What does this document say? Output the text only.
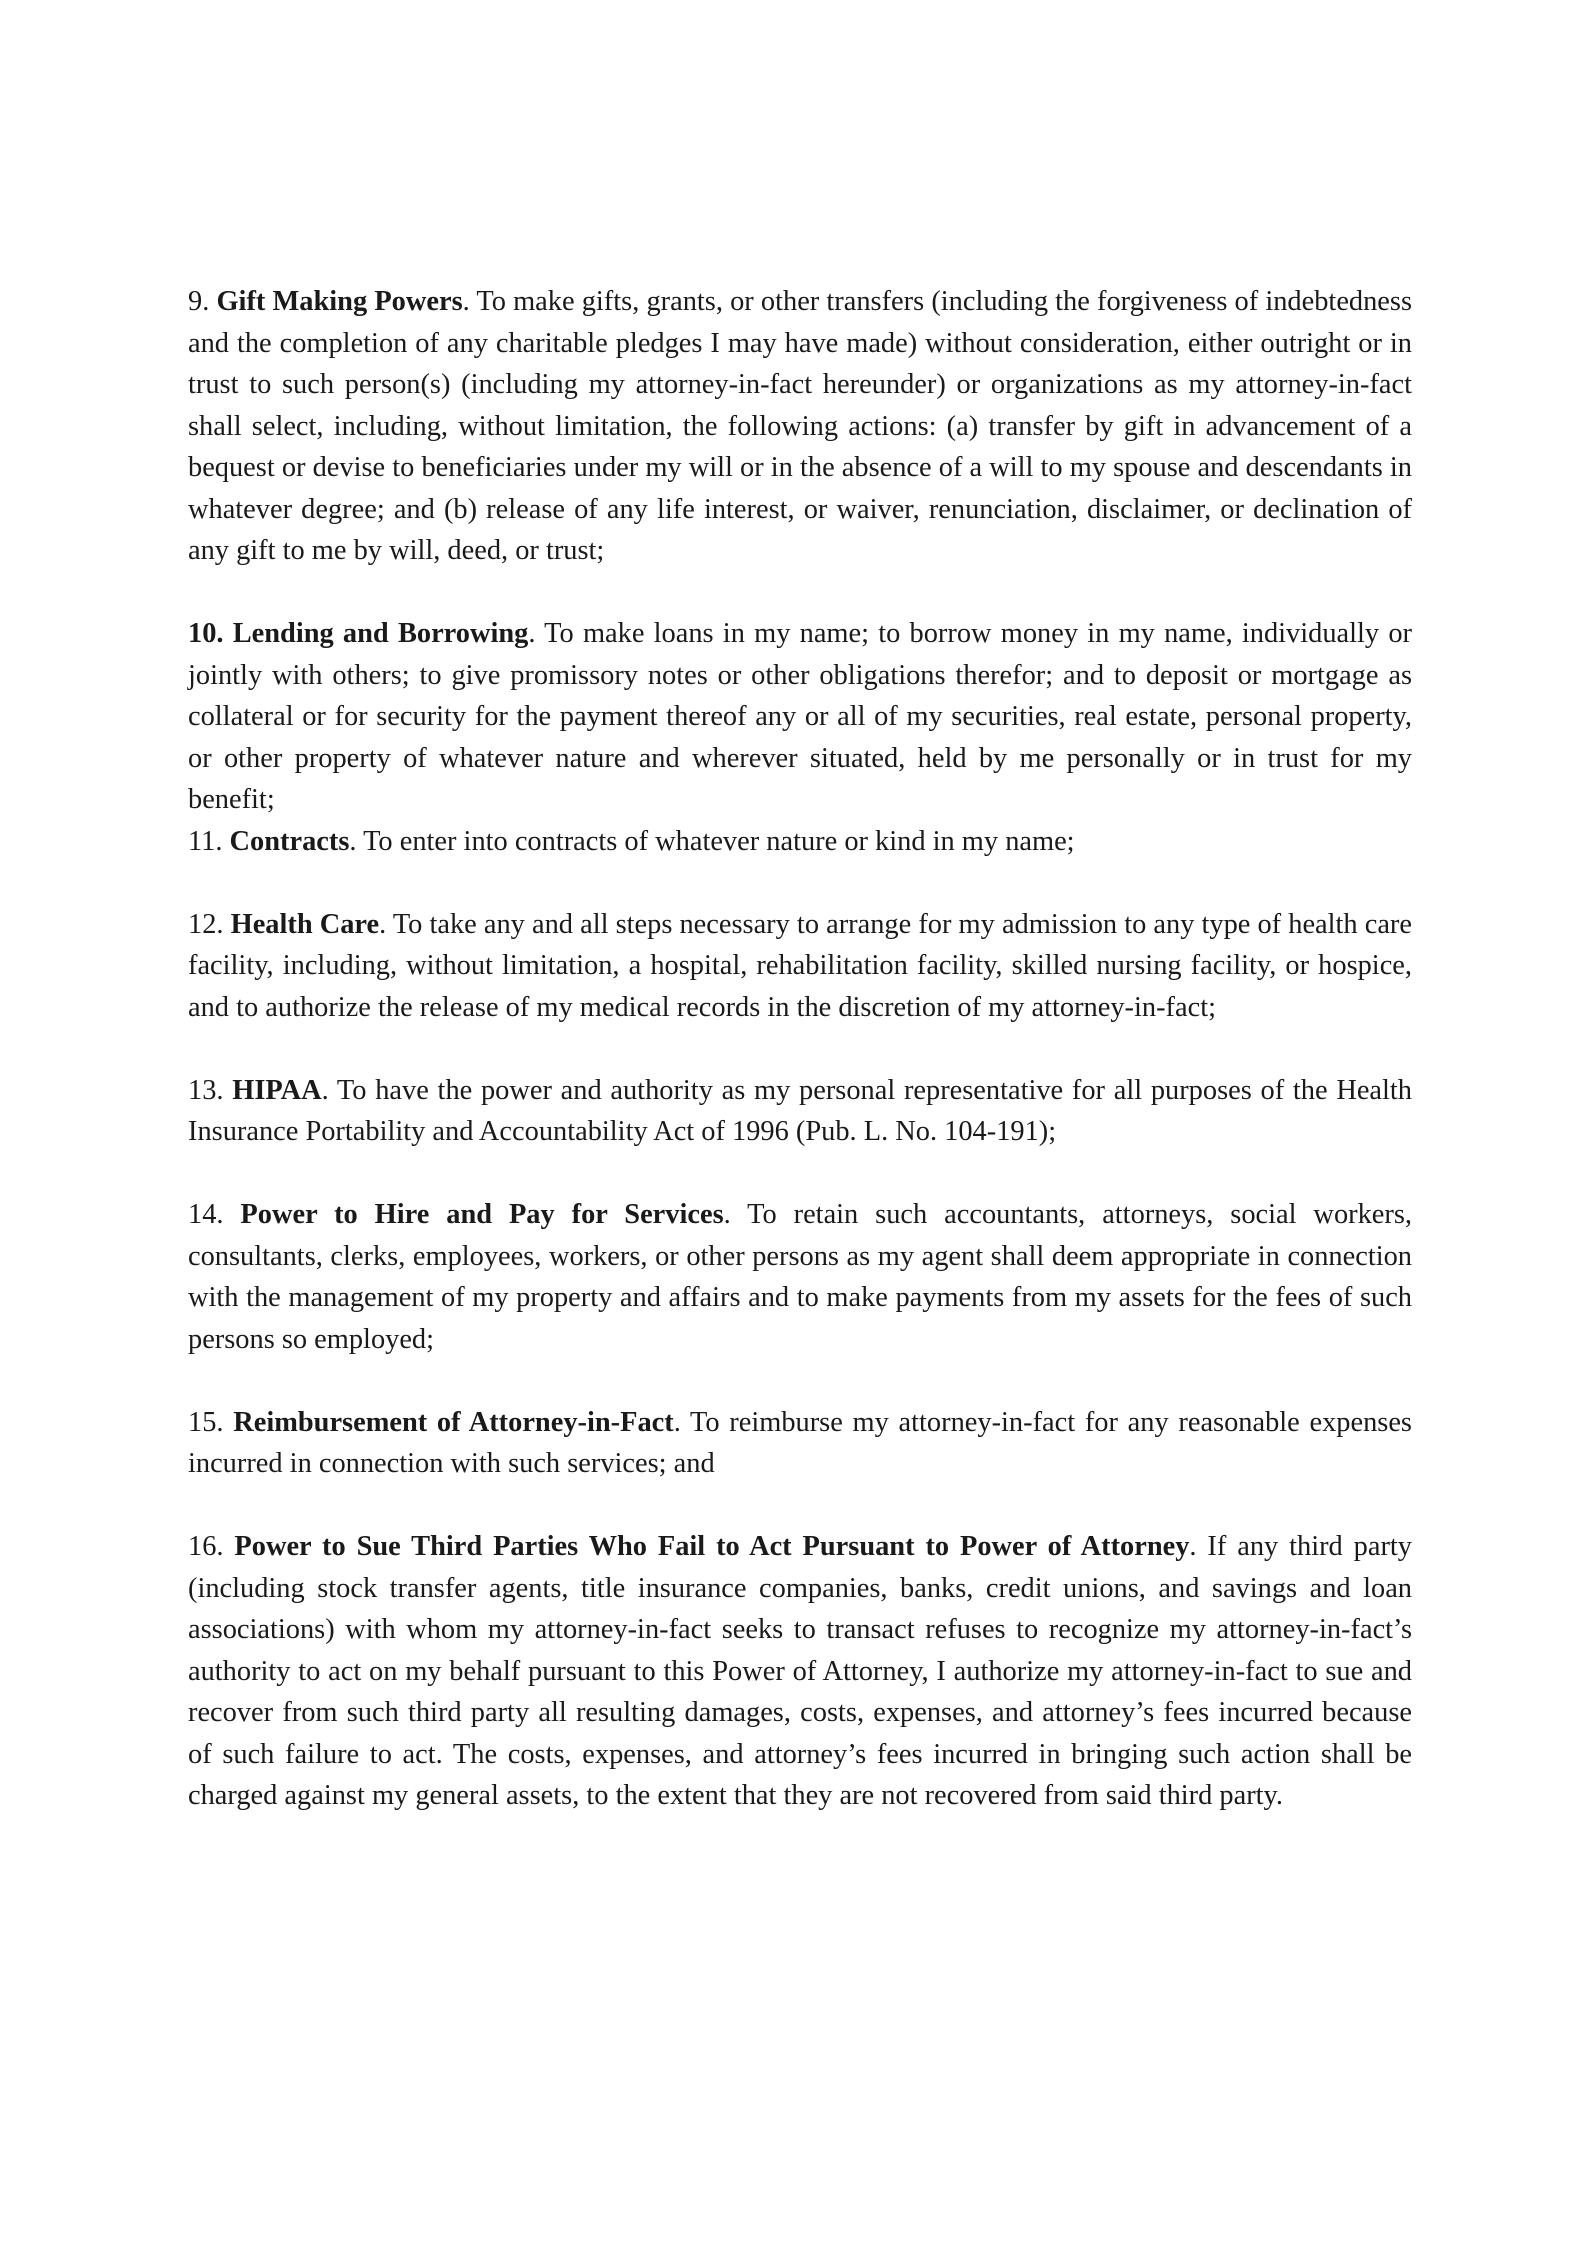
9. Gift Making Powers. To make gifts, grants, or other transfers (including the forgiveness of indebtedness and the completion of any charitable pledges I may have made) without consideration, either outright or in trust to such person(s) (including my attorney-in-fact hereunder) or organizations as my attorney-in-fact shall select, including, without limitation, the following actions: (a) transfer by gift in advancement of a bequest or devise to beneficiaries under my will or in the absence of a will to my spouse and descendants in whatever degree; and (b) release of any life interest, or waiver, renunciation, disclaimer, or declination of any gift to me by will, deed, or trust;

10. Lending and Borrowing. To make loans in my name; to borrow money in my name, individually or jointly with others; to give promissory notes or other obligations therefor; and to deposit or mortgage as collateral or for security for the payment thereof any or all of my securities, real estate, personal property, or other property of whatever nature and wherever situated, held by me personally or in trust for my benefit;

11. Contracts. To enter into contracts of whatever nature or kind in my name;

12. Health Care. To take any and all steps necessary to arrange for my admission to any type of health care facility, including, without limitation, a hospital, rehabilitation facility, skilled nursing facility, or hospice, and to authorize the release of my medical records in the discretion of my attorney-in-fact;

13. HIPAA. To have the power and authority as my personal representative for all purposes of the Health Insurance Portability and Accountability Act of 1996 (Pub. L. No. 104-191);

14. Power to Hire and Pay for Services. To retain such accountants, attorneys, social workers, consultants, clerks, employees, workers, or other persons as my agent shall deem appropriate in connection with the management of my property and affairs and to make payments from my assets for the fees of such persons so employed;

15. Reimbursement of Attorney-in-Fact. To reimburse my attorney-in-fact for any reasonable expenses incurred in connection with such services; and

16. Power to Sue Third Parties Who Fail to Act Pursuant to Power of Attorney. If any third party (including stock transfer agents, title insurance companies, banks, credit unions, and savings and loan associations) with whom my attorney-in-fact seeks to transact refuses to recognize my attorney-in-fact’s authority to act on my behalf pursuant to this Power of Attorney, I authorize my attorney-in-fact to sue and recover from such third party all resulting damages, costs, expenses, and attorney’s fees incurred because of such failure to act. The costs, expenses, and attorney’s fees incurred in bringing such action shall be charged against my general assets, to the extent that they are not recovered from said third party.
